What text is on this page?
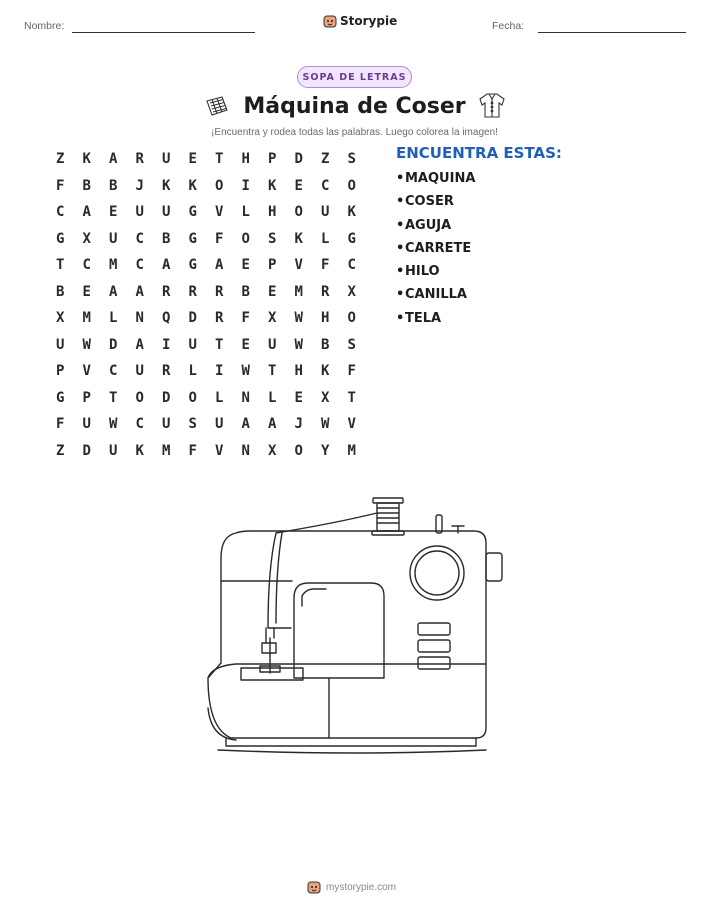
Nombre:	Storypie	Fecha:
SOPA DE LETRAS
Máquina de Coser
¡Encuentra y rodea todas las palabras. Luego colorea la imagen!
Z	K	A	R	U	E	T	H	P	D	Z	S
F	B	B	J	K	K	O	I	K	E	C	O
C	A	E	U	U	G	V	L	H	O	U	K
G	X	U	C	B	G	F	O	S	K	L	G
T	C	M	C	A	G	A	E	P	V	F	C
B	E	A	A	R	R	R	B	E	M	R	X
X	M	L	N	Q	D	R	F	X	W	H	O
U	W	D	A	I	U	T	E	U	W	B	S
P	V	C	U	R	L	I	W	T	H	K	F
G	P	T	O	D	O	L	N	L	E	X	T
F	U	W	C	U	S	U	A	A	J	W	V
Z	D	U	K	M	F	V	N	X	O	Y	M
ENCUENTRA ESTAS:
•MAQUINA
•COSER
•AGUJA
•CARRETE
•HILO
•CANILLA
•TELA
mystorypie.com
